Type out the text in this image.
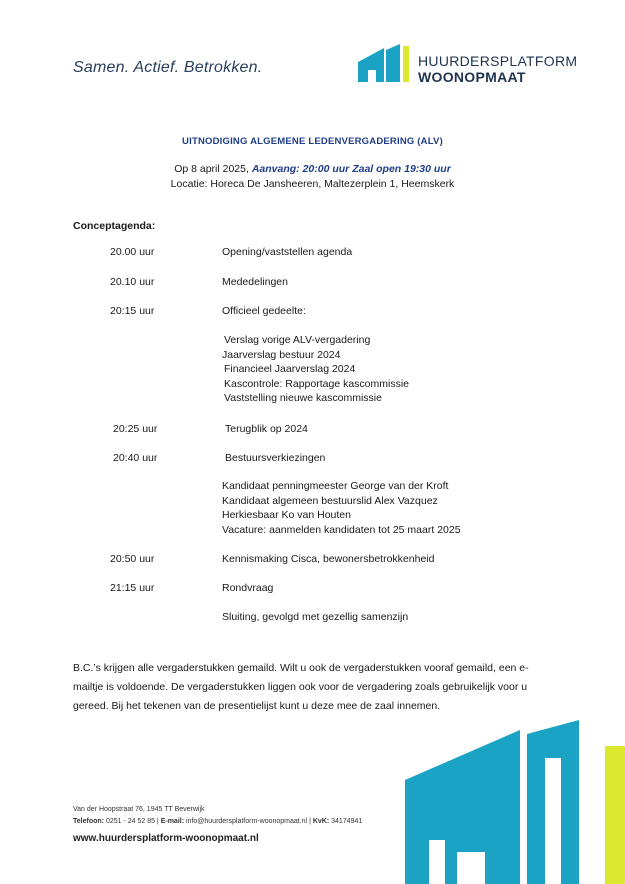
Samen. Actief. Betrokken.	HUURDERSPLATFORM
WOONOPMAAT
UITNODIGING ALGEMENE LEDENVERGADERING (ALV)
Op 8 april 2025, Aanvang: 20:00 uur Zaal open 19:30 uur
Locatie: Horeca De Jansheeren, Maltezerplein 1, Heemskerk
Conceptagenda:
20.00 uur	Opening/vaststellen agenda
20.10 uur	Mededelingen
20:15 uur	Officieel gedeelte:
Verslag vorige ALV-vergadering
Jaarverslag bestuur 2024
Financieel Jaarverslag 2024
Kascontrole: Rapportage kascommissie
Vaststelling nieuwe kascommissie
20:25 uur	Terugblik op 2024
20:40 uur	Bestuursverkiezingen
Kandidaat penningmeester George van der Kroft
Kandidaat algemeen bestuurslid Alex Vazquez
Herkiesbaar Ko van Houten
Vacature: aanmelden kandidaten tot 25 maart 2025
20:50 uur	Kennismaking Cisca, bewonersbetrokkenheid
21:15 uur	Rondvraag
Sluiting, gevolgd met gezellig samenzijn

B.C.’s krijgen alle vergaderstukken gemaild. Wilt u ook de vergaderstukken vooraf gemaild, een e-

mailtje is voldoende. De vergaderstukken liggen ook voor de vergadering zoals gebruikelijk voor u

gereed. Bij het tekenen van de presentielijst kunt u deze mee de zaal innemen.

Van der Hoopstraat 76, 1945 TT Beverwijk
Telefoon: 0251 - 24 52 85 | E-mail: info@huurdersplatform-woonopmaat.nl | KvK: 34174941
www.huurdersplatform-woonopmaat.nl
